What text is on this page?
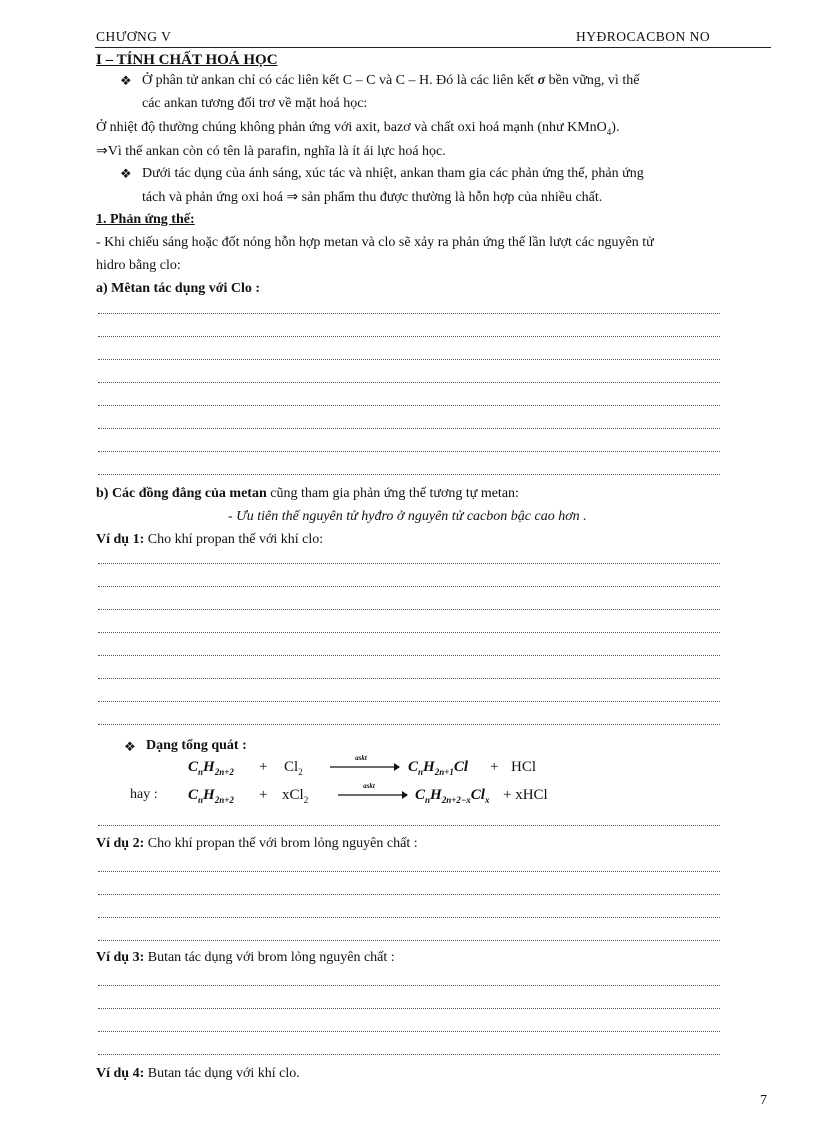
CHƯƠNG V	HYĐROCACBON NO
I – TÍNH CHẤT HOÁ HỌC
❖ Ở phân tử ankan chỉ có các liên kết C – C và C – H. Đó là các liên kết σ bền vững, vì thế
các ankan tương đối trơ về mặt hoá học:
Ở nhiệt độ thường chúng không phản ứng với axit, bazơ và chất oxi hoá mạnh (như KMnO$_4$).
⇒Vì thế ankan còn có tên là parafin, nghĩa là ít ái lực hoá học.
❖ Dưới tác dụng của ánh sáng, xúc tác và nhiệt, ankan tham gia các phản ứng thế, phản ứng
tách và phản ứng oxi hoá ⇒ sản phẩm thu được thường là hỗn hợp của nhiều chất.
1. Phản ứng thế:
- Khi chiếu sáng hoặc đốt nóng hỗn hợp metan và clo sẽ xảy ra phản ứng thế lần lượt các nguyên tử
hidro bằng clo:
a) Mêtan tác dụng với Clo :
b) Các đồng đẳng của metan cũng tham gia phản ứng thế tương tự metan:
- Ưu tiên thế nguyên tử hyđro ở nguyên tử cacbon bậc cao hơn .
Ví dụ 1: Cho khí propan thế với khí clo:
❖ Dạng tổng quát :
$C_nH_{2n+2} + Cl_2$
askt
$C_nH_{2n+1}Cl$ + HCl
hay : $C_nH_{2n+2} + xCl_2$
askt
$C_nH_{2n+2-x}Cl_x$ + xHCl
Ví dụ 2: Cho khí propan thế với brom lỏng nguyên chất :
Ví dụ 3: Butan tác dụng với brom lỏng nguyên chất :
Ví dụ 4: Butan tác dụng với khí clo.
7
